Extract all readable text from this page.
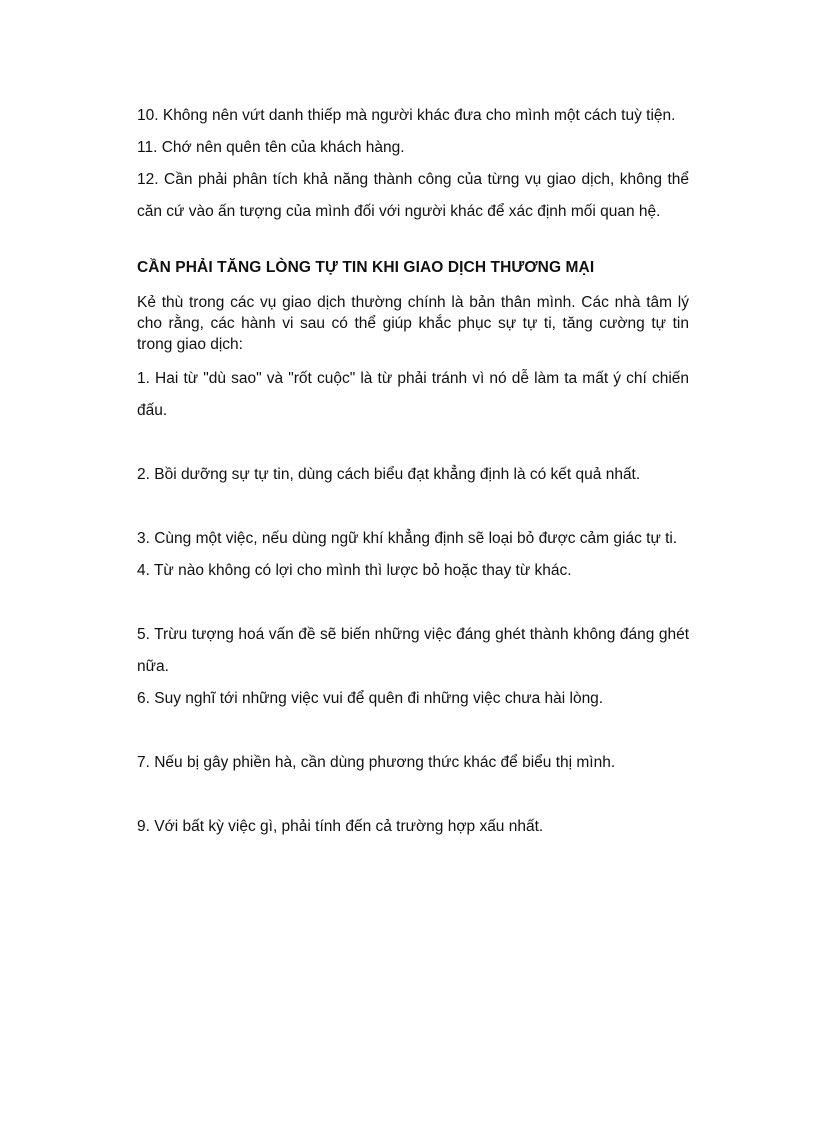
10. Không nên vứt danh thiếp mà người khác đưa cho mình một cách tuỳ tiện.

11. Chớ nên quên tên của khách hàng.

12. Cần phải phân tích khả năng thành công của từng vụ giao dịch, không thể căn cứ vào ấn tượng của mình đối với người khác để xác định mối quan hệ.

CẦN PHẢI TĂNG LÒNG TỰ TIN KHI GIAO DỊCH THƯƠNG MẠI

Kẻ thù trong các vụ giao dịch thường chính là bản thân mình. Các nhà tâm lý cho rằng, các hành vi sau có thể giúp khắc phục sự tự ti, tăng cường tự tin trong giao dịch:

1. Hai từ "dù sao" và "rốt cuộc" là từ phải tránh vì nó dễ làm ta mất ý chí chiến đấu.

2. Bồi dưỡng sự tự tin, dùng cách biểu đạt khẳng định là có kết quả nhất.

3. Cùng một việc, nếu dùng ngữ khí khẳng định sẽ loại bỏ được cảm giác tự ti.

4. Từ nào không có lợi cho mình thì lược bỏ hoặc thay từ khác.

5. Trừu tượng hoá vấn đề sẽ biến những việc đáng ghét thành không đáng ghét nữa.

6. Suy nghĩ tới những việc vui để quên đi những việc chưa hài lòng.

7. Nếu bị gây phiền hà, cần dùng phương thức khác để biểu thị mình.

9. Với bất kỳ việc gì, phải tính đến cả trường hợp xấu nhất.
